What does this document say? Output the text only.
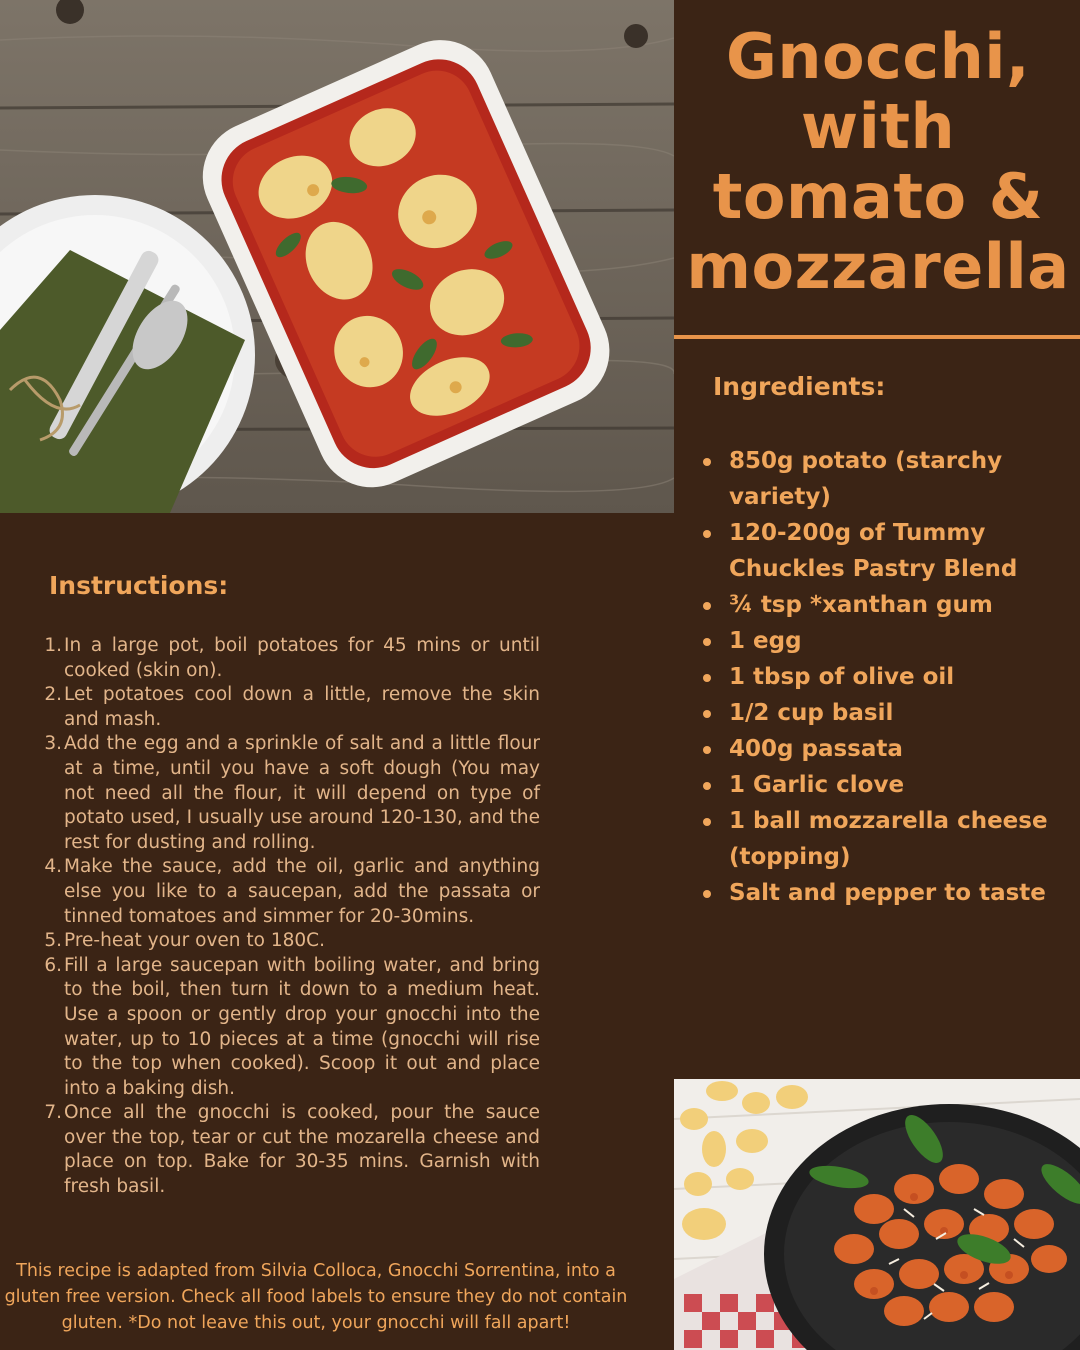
Gnocchi, with tomato & mozzarella
Ingredients:
850g potato (starchy variety)
120-200g of Tummy Chuckles Pastry Blend
¾ tsp *xanthan gum
1 egg
1 tbsp of olive oil
1/2 cup basil
400g passata
1 Garlic clove
1 ball mozzarella cheese (topping)
Salt and pepper to taste
Instructions:
1. In a large pot, boil potatoes for 45 mins or until cooked (skin on).
2. Let potatoes cool down a little, remove the skin and mash.
3. Add the egg and a sprinkle of salt and a little flour at a time, until you have a soft dough (You may not need all the flour, it will depend on type of potato used, I usually use around 120-130, and the rest for dusting and rolling.
4. Make the sauce, add the oil, garlic and anything else you like to a saucepan, add the passata or tinned tomatoes and simmer for 20-30mins.
5. Pre-heat your oven to 180C.
6. Fill a large saucepan with boiling water, and bring to the boil, then turn it down to a medium heat. Use a spoon or gently drop your gnocchi into the water, up to 10 pieces at a time (gnocchi will rise to the top when cooked). Scoop it out and place into a baking dish.
7. Once all the gnocchi is cooked, pour the sauce over the top, tear or cut the mozarella cheese and place on top. Bake for 30-35 mins. Garnish with fresh basil.

This recipe is adapted from Silvia Colloca, Gnocchi Sorrentina, into a gluten free version. Check all food labels to ensure they do not contain gluten. *Do not leave this out, your gnocchi will fall apart!
